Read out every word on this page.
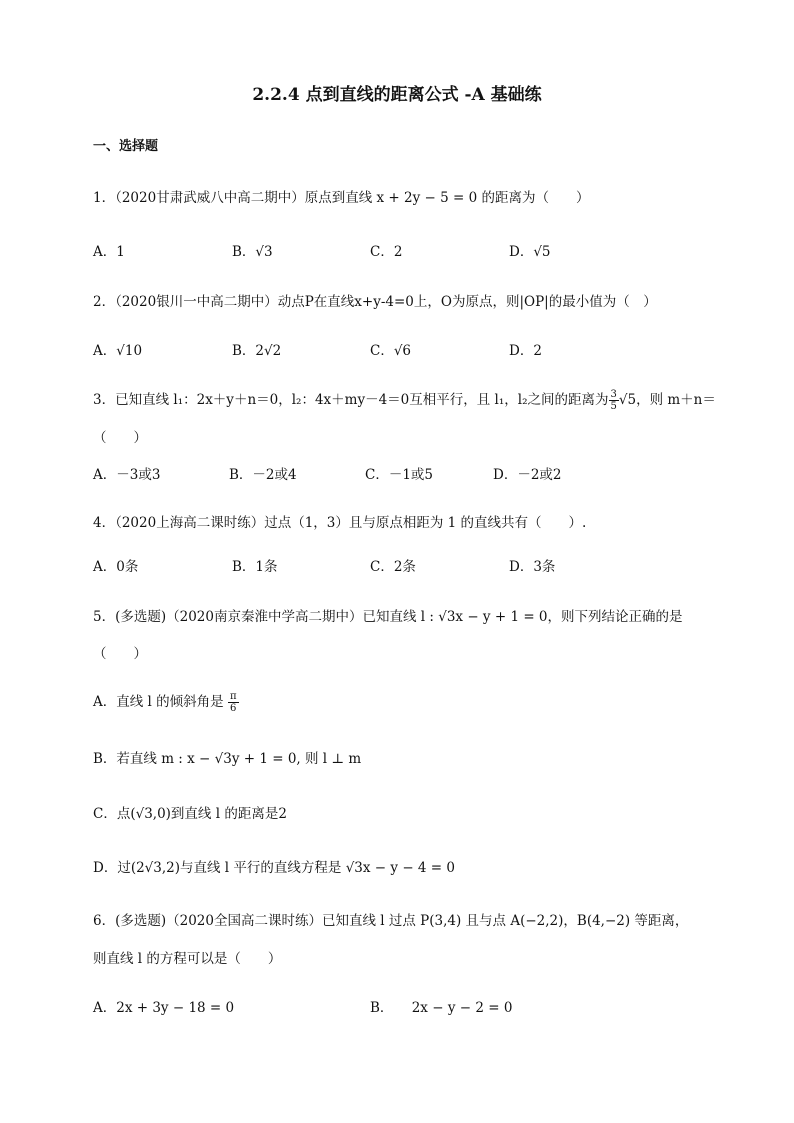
2.2.4 点到直线的距离公式 -A 基础练
一、选择题
1．（2020甘肃武威八中高二期中）原点到直线 x + 2y − 5 = 0 的距离为（　　）
A．1	B．√3	C．2	D．√5
2．（2020银川一中高二期中）动点P在直线x+y-4=0上，O为原点，则|OP|的最小值为（　）
A．√10	B．2√2	C．√6	D．2
3．已知直线 l₁：2x＋y＋n＝0，l₂：4x＋my－4＝0互相平行，且 l₁，l₂之间的距离为 $\frac{3}{5} √5$，则 m＋n＝
（　　）
A．－3或3	B．－2或4	C．－1或5	D．－2或2
4．（2020上海高二课时练）过点（1，3）且与原点相距为 1 的直线共有（　　）.
A．0条	B．1条	C．2条	D．3条
5．(多选题)（2020南京秦淮中学高二期中）已知直线 l : √3x − y + 1 = 0，则下列结论正确的是
（　　）
A．直线 l 的倾斜角是 $\frac{\pi}{6}$
B．若直线 m : x − √3y + 1 = 0, 则 l ⊥ m
C．点(√3,0)到直线 l 的距离是2
D．过(2√3,2)与直线 l 平行的直线方程是 √3x − y − 4 = 0
6．(多选题)（2020全国高二课时练）已知直线 l 过点 P(3,4) 且与点 A(−2,2)，B(4,−2) 等距离，
则直线 l 的方程可以是（　　）
A．2x + 3y − 18 = 0	B． 2x − y − 2 = 0
